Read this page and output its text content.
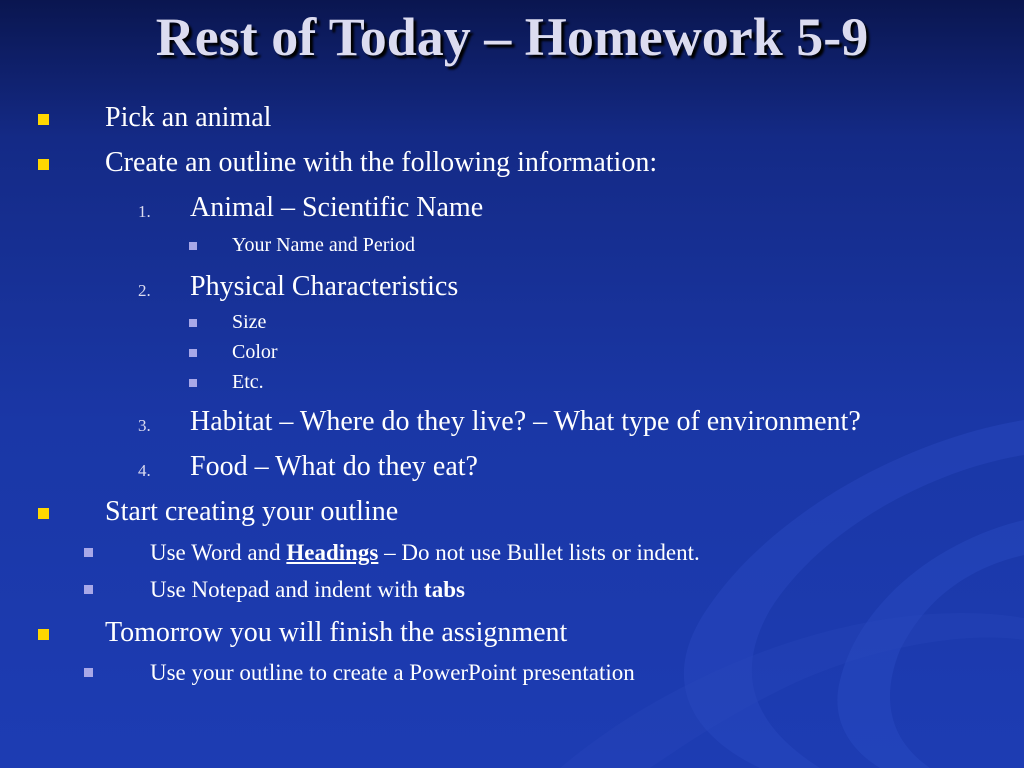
Rest of Today – Homework 5-9
Pick an animal
Create an outline with the following information:
1. Animal – Scientific Name
Your Name and Period
2. Physical Characteristics
Size
Color
Etc.
3. Habitat – Where do they live? – What type of environment?
4. Food – What do they eat?
Start creating your outline
Use Word and Headings – Do not use Bullet lists or indent.
Use Notepad and indent with tabs
Tomorrow you will finish the assignment
Use your outline to create a PowerPoint presentation
